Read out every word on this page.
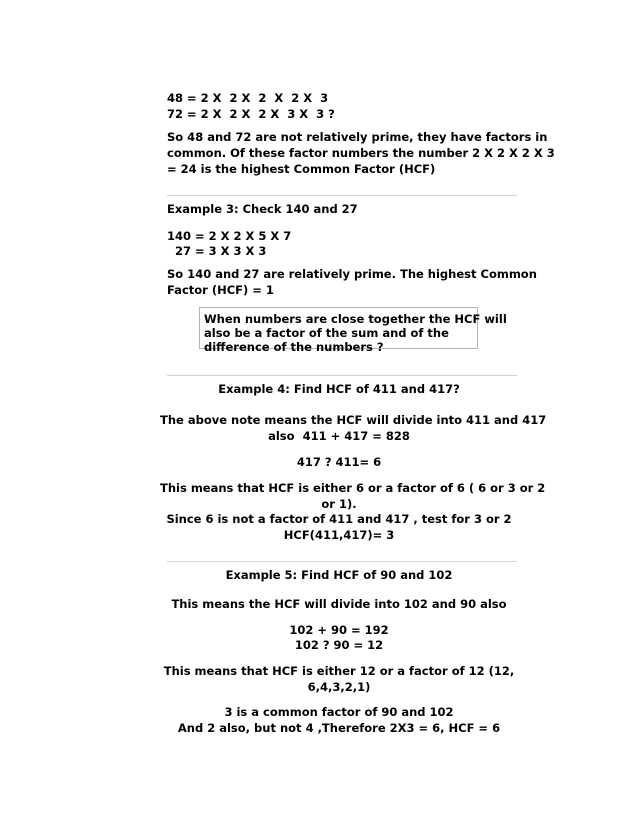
48 = 2 X  2 X  2  X  2 X  3
72 = 2 X  2 X  2 X  3 X  3 ?
So 48 and 72 are not relatively prime, they have factors in
common. Of these factor numbers the number 2 X 2 X 2 X 3
= 24 is the highest Common Factor (HCF)
Example 3: Check 140 and 27
140 = 2 X 2 X 5 X 7
27 = 3 X 3 X 3
So 140 and 27 are relatively prime. The highest Common
Factor (HCF) = 1
When numbers are close together the HCF will
also be a factor of the sum and of the
difference of the numbers ?
Example 4: Find HCF of 411 and 417?
The above note means the HCF will divide into 411 and 417
also  411 + 417 = 828
417 ? 411= 6
This means that HCF is either 6 or a factor of 6 ( 6 or 3 or 2
or 1).
Since 6 is not a factor of 411 and 417 , test for 3 or 2
HCF(411,417)= 3
Example 5: Find HCF of 90 and 102
This means the HCF will divide into 102 and 90 also
102 + 90 = 192
102 ? 90 = 12
This means that HCF is either 12 or a factor of 12 (12,
6,4,3,2,1)
3 is a common factor of 90 and 102
And 2 also, but not 4 ,Therefore 2X3 = 6, HCF = 6
